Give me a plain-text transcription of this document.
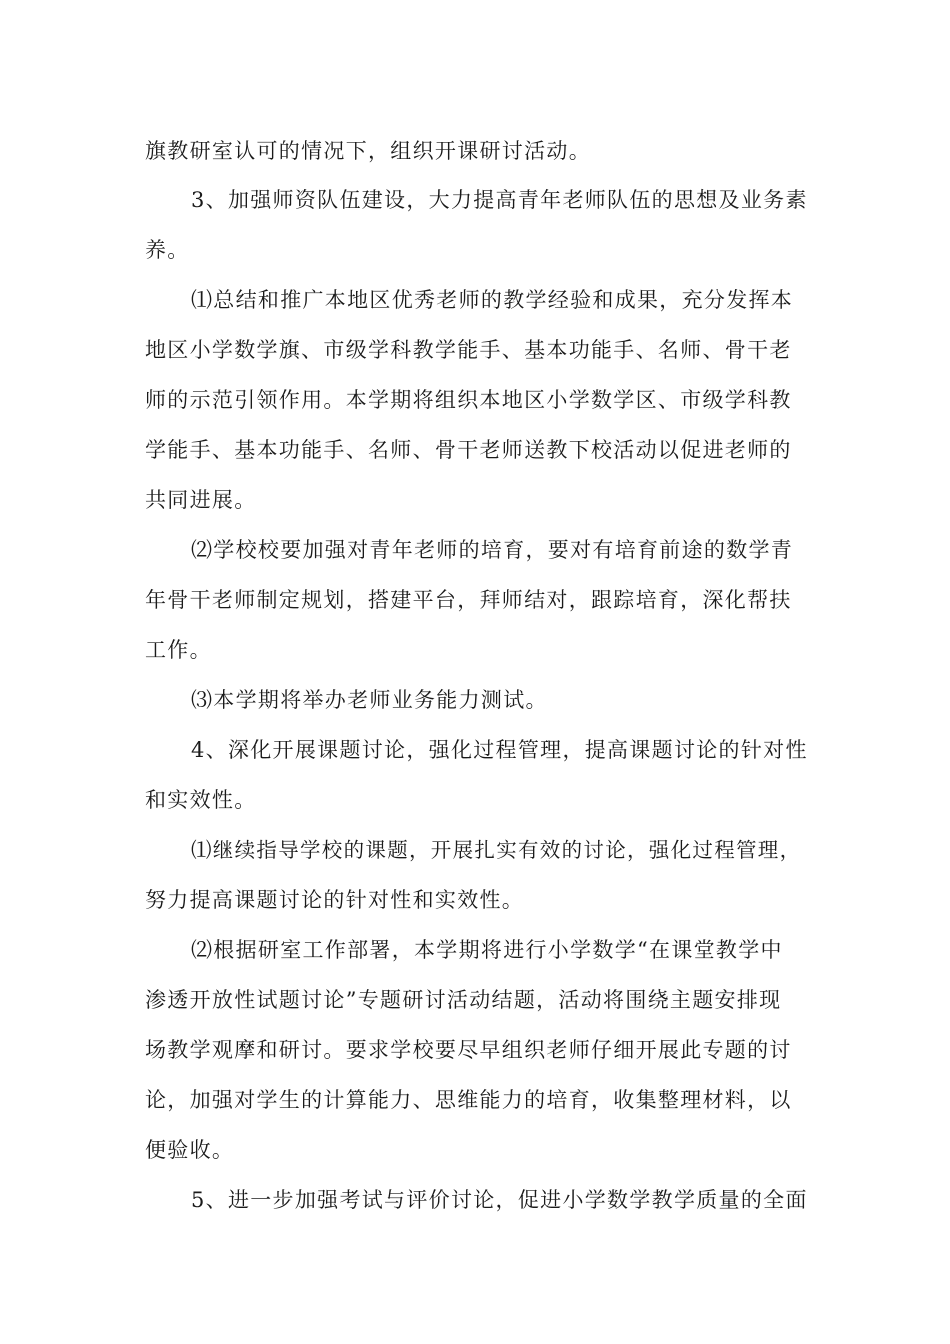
旗教研室认可的情况下，组织开课研讨活动。
3、加强师资队伍建设，大力提高青年老师队伍的思想及业务素
养。
⑴总结和推广本地区优秀老师的教学经验和成果，充分发挥本
地区小学数学旗、市级学科教学能手、基本功能手、名师、骨干老
师的示范引领作用。本学期将组织本地区小学数学区、市级学科教
学能手、基本功能手、名师、骨干老师送教下校活动以促进老师的
共同进展。
⑵学校校要加强对青年老师的培育，要对有培育前途的数学青
年骨干老师制定规划，搭建平台，拜师结对，跟踪培育，深化帮扶
工作。
⑶本学期将举办老师业务能力测试。
4、深化开展课题讨论，强化过程管理，提高课题讨论的针对性
和实效性。
⑴继续指导学校的课题，开展扎实有效的讨论，强化过程管理，
努力提高课题讨论的针对性和实效性。
⑵根据研室工作部署，本学期将进行小学数学“在课堂教学中
渗透开放性试题讨论”专题研讨活动结题，活动将围绕主题安排现
场教学观摩和研讨。要求学校要尽早组织老师仔细开展此专题的讨
论，加强对学生的计算能力、思维能力的培育，收集整理材料，以
便验收。
5、进一步加强考试与评价讨论，促进小学数学教学质量的全面
